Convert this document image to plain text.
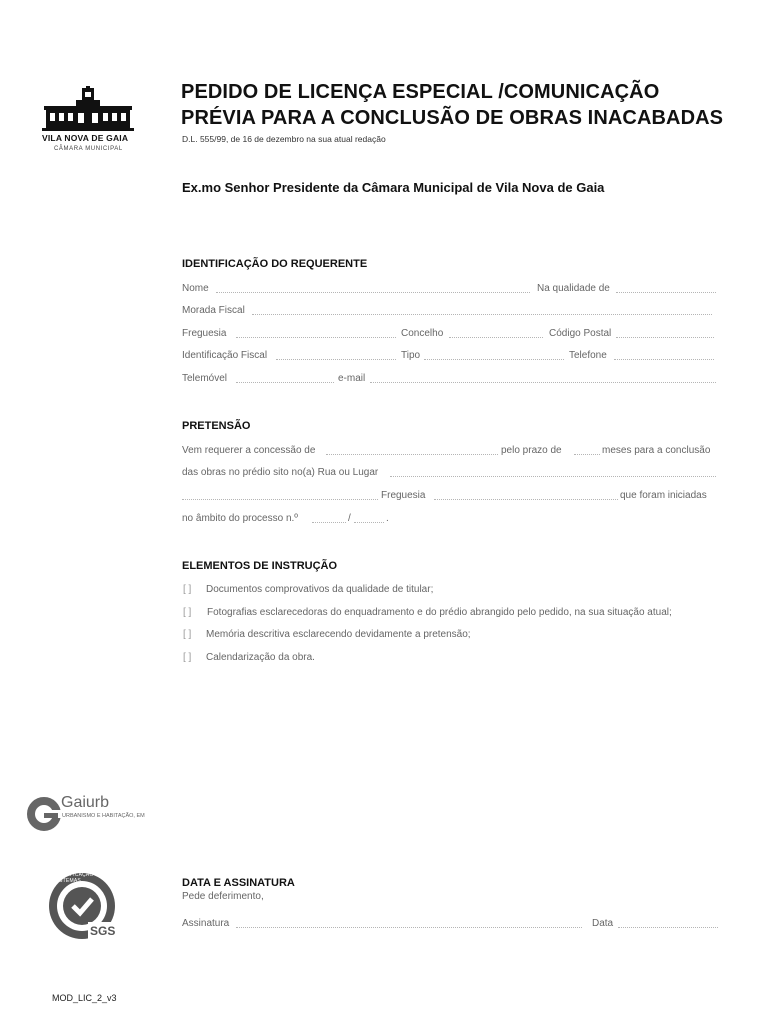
VILA NOVA DE GAIA
CÂMARA MUNICIPAL
PEDIDO DE LICENÇA ESPECIAL /COMUNICAÇÃO
PRÉVIA PARA A CONCLUSÃO DE OBRAS INACABADAS
D.L. 555/99, de 16 de dezembro na sua atual redação
Ex.mo Senhor Presidente da Câmara Municipal de Vila Nova de Gaia
IDENTIFICAÇÃO DO REQUERENTE
Nome	Na qualidade de
Morada Fiscal
Freguesia	Concelho	Código Postal
Identificação Fiscal	Tipo	Telefone
Telemóvel	e-mail
PRETENSÃO
Vem requerer a concessão de	pelo prazo de	meses para a conclusão
das obras no prédio sito no(a) Rua ou Lugar
Freguesia	que foram iniciadas
no âmbito do processo n.º	/	.
ELEMENTOS DE INSTRUÇÃO
[ ] Documentos comprovativos da qualidade de titular;
[ ] Fotografias esclarecedoras do enquadramento e do prédio abrangido pelo pedido, na sua situação atual;
[ ] Memória descritiva esclarecendo devidamente a pretensão;
[ ] Calendarização da obra.
Gaiurb
URBANISMO E HABITAÇÃO, EM
CERTIFICAÇÃO DE SISTEMAS
ISO 9001	SGS
DATA E ASSINATURA
Pede deferimento,
Assinatura	Data
MOD_LIC_2_v3
